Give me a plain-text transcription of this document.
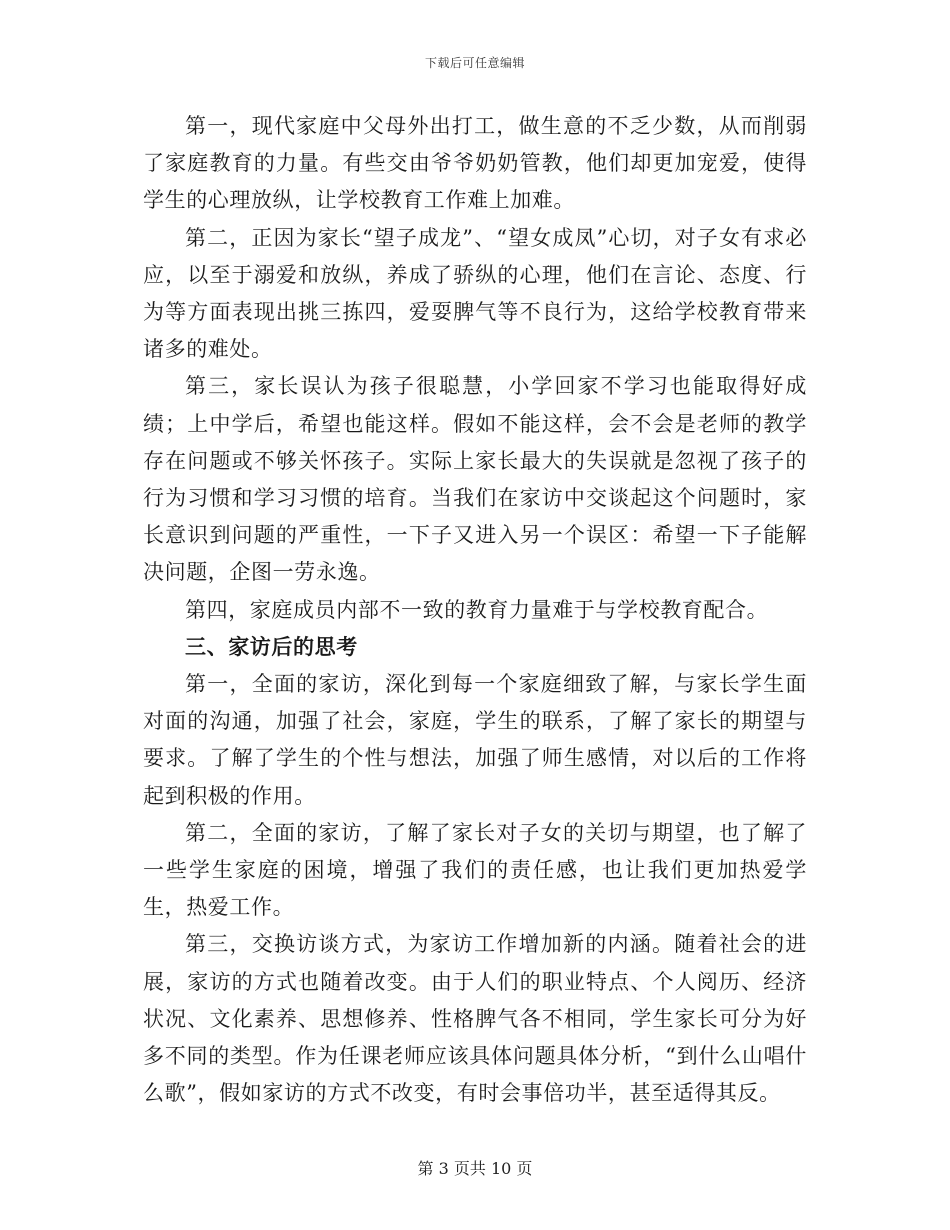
下载后可任意编辑

第一，现代家庭中父母外出打工，做生意的不乏少数，从而削弱了家庭教育的力量。有些交由爷爷奶奶管教，他们却更加宠爱，使得学生的心理放纵，让学校教育工作难上加难。

第二，正因为家长“望子成龙”、“望女成凤”心切，对子女有求必应，以至于溺爱和放纵，养成了骄纵的心理，他们在言论、态度、行为等方面表现出挑三拣四，爱耍脾气等不良行为，这给学校教育带来诸多的难处。

第三，家长误认为孩子很聪慧，小学回家不学习也能取得好成绩；上中学后，希望也能这样。假如不能这样，会不会是老师的教学存在问题或不够关怀孩子。实际上家长最大的失误就是忽视了孩子的行为习惯和学习习惯的培育。当我们在家访中交谈起这个问题时，家长意识到问题的严重性，一下子又进入另一个误区：希望一下子能解决问题，企图一劳永逸。

第四，家庭成员内部不一致的教育力量难于与学校教育配合。

三、家访后的思考

第一，全面的家访，深化到每一个家庭细致了解，与家长学生面对面的沟通，加强了社会，家庭，学生的联系，了解了家长的期望与要求。了解了学生的个性与想法，加强了师生感情，对以后的工作将起到积极的作用。

第二，全面的家访，了解了家长对子女的关切与期望，也了解了一些学生家庭的困境，增强了我们的责任感，也让我们更加热爱学生，热爱工作。

第三，交换访谈方式，为家访工作增加新的内涵。随着社会的进展，家访的方式也随着改变。由于人们的职业特点、个人阅历、经济状况、文化素养、思想修养、性格脾气各不相同，学生家长可分为好多不同的类型。作为任课老师应该具体问题具体分析，“到什么山唱什么歌”，假如家访的方式不改变，有时会事倍功半，甚至适得其反。

第 3 页共 10 页
